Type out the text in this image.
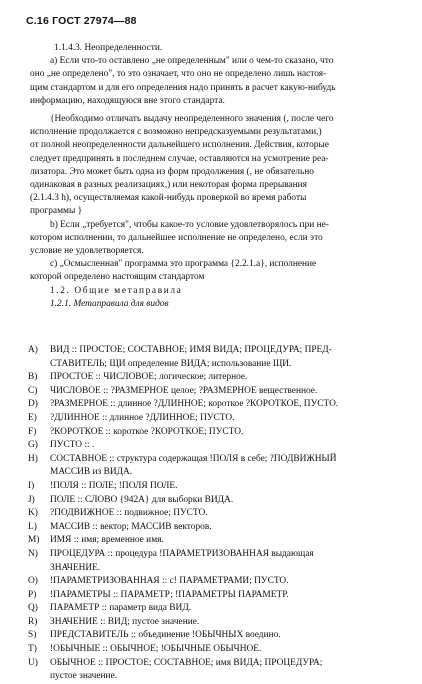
С.16 ГОСТ 27974—88
1.1.4.3. Неопределенности.
а) Если что-то оставлено „не определенным" или о чем-то сказано, что
оно „не определено", то это означает, что оно не определено лишь настоя-
щим стандартом и для его определения надо принять в расчет какую-нибудь
информацию, находящуюся вне этого стандарта.
{Необходимо отличать выдачу неопределенного значения (, после чего
исполнение продолжается с возможно непредсказуемыми результатами,)
от полной неопределенности дальнейшего исполнения. Действия, которые
следует предпринять в последнем случае, оставляются на усмотрение реа-
лизатора. Это может быть одна из форм продолжения (, не обязательно
одинаковая в разных реализациях,) или некоторая форма прерывания
(2.1.4.3 h), осуществляемая какой-нибудь проверкой во время работы
программы }
b) Если „требуется", чтобы какое-то условие удовлетворялось при не-
котором исполнении, то дальнейшее исполнение не определено, если это
условие не удовлетворяется.
c) „Осмысленная" программа это программа {2.2.1.a}, исполнение
которой определено настоящим стандартом
1.2. Общие метаправила
1.2.1. Метаправила для видов
A)	ВИД :: ПРОСТОЕ; СОСТАВНОЕ; ИМЯ ВИДА; ПРОЦЕДУРА; ПРЕД-
СТАВИТЕЛЬ; ЩИ определение ВИДА; использование ЩИ.
B)	ПРОСТОЕ :: ЧИСЛОВОЕ; логическое; литерное.
C)	ЧИСЛОВОЕ :: ?РАЗМЕРНОЕ целое; ?РАЗМЕРНОЕ вещественное.
D)	?РАЗМЕРНОЕ :: длинное ?ДЛИННОЕ; короткое ?КОРОТКОЕ, ПУСТО.
E)	?ДЛИННОЕ :: длинное ?ДЛИННОЕ; ПУСТО.
F)	?КОРОТКОЕ :: короткое ?КОРОТКОЕ; ПУСТО.
G)	ПУСТО :: .
H)	СОСТАВНОЕ :: структура содержащая !ПОЛЯ в себе; ?ПОДВИЖНЫЙ
МАССИВ из ВИДА.
I)	!ПОЛЯ :: ПОЛЕ; !ПОЛЯ ПОЛЕ.
J)	ПОЛЕ :: СЛОВО {942A} для выборки ВИДА.
K)	?ПОДВИЖНОЕ :: подвижное; ПУСТО.
L)	МАССИВ :: вектор; МАССИВ векторов.
M)	ИМЯ :: имя; временное имя.
N)	ПРОЦЕДУРА :: процедура !ПАРАМЕТРИЗОВАННАЯ выдающая
ЗНАЧЕНИЕ.
O)	!ПАРАМЕТРИЗОВАННАЯ :: с! ПАРАМЕТРАМИ; ПУСТО.
P)	!ПАРАМЕТРЫ :: ПАРАМЕТР; !ПАРАМЕТРЫ ПАРАМЕТР.
Q)	ПАРАМЕТР :: параметр вида ВИД.
R)	ЗНАЧЕНИЕ :: ВИД; пустое значение.
S)	ПРЕДСТАВИТЕЛЬ :: объединение !ОБЫЧНЫХ воедино.
T)	!ОБЫЧНЫЕ :: ОБЫЧНОЕ; !ОБЫЧНЫЕ ОБЫЧНОЕ.
U)	ОБЫЧНОЕ :: ПРОСТОЕ; СОСТАВНОЕ; имя ВИДА; ПРОЦЕДУРА;
пустое значение.
